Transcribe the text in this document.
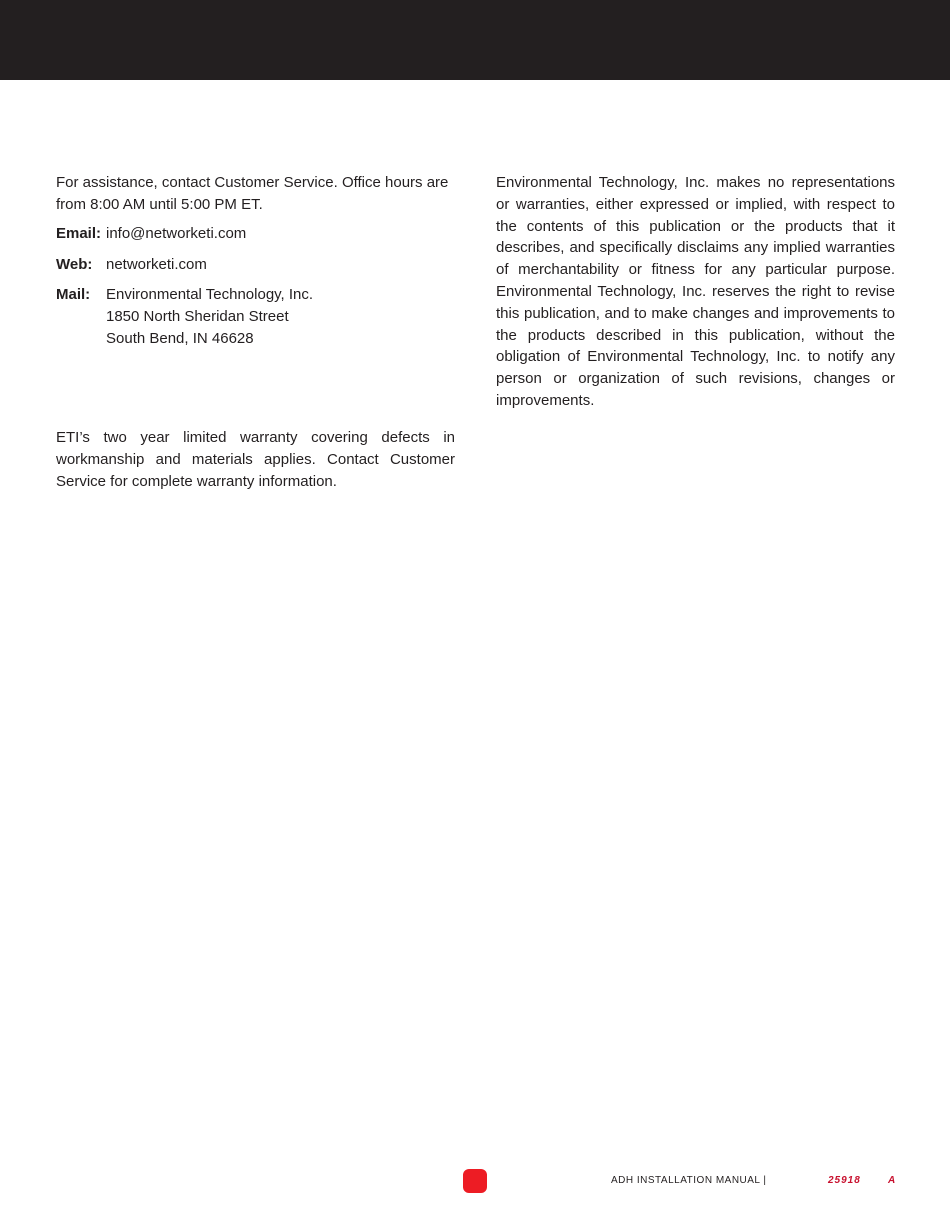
For assistance, contact Customer Service. Office hours are from 8:00 AM until 5:00 PM ET.

Email: info@networketi.com
Web: networketi.com
Mail:	Environmental Technology, Inc.
1850 North Sheridan Street
South Bend, IN 46628

ETI’s two year limited warranty covering defects in workmanship and materials applies. Contact Customer Service for complete warranty information.

Environmental Technology, Inc. makes no representations or warranties, either expressed or implied, with respect to the contents of this publication or the products that it describes, and specifically disclaims any implied warranties of merchantability or fitness for any particular purpose. Environmental Technology, Inc. reserves the right to revise this publication, and to make changes and improvements to the products described in this publication, without the obligation of Environmental Technology, Inc. to notify any person or organization of such revisions, changes or improvements.

ADH INSTALLATION MANUAL |	25918	A
